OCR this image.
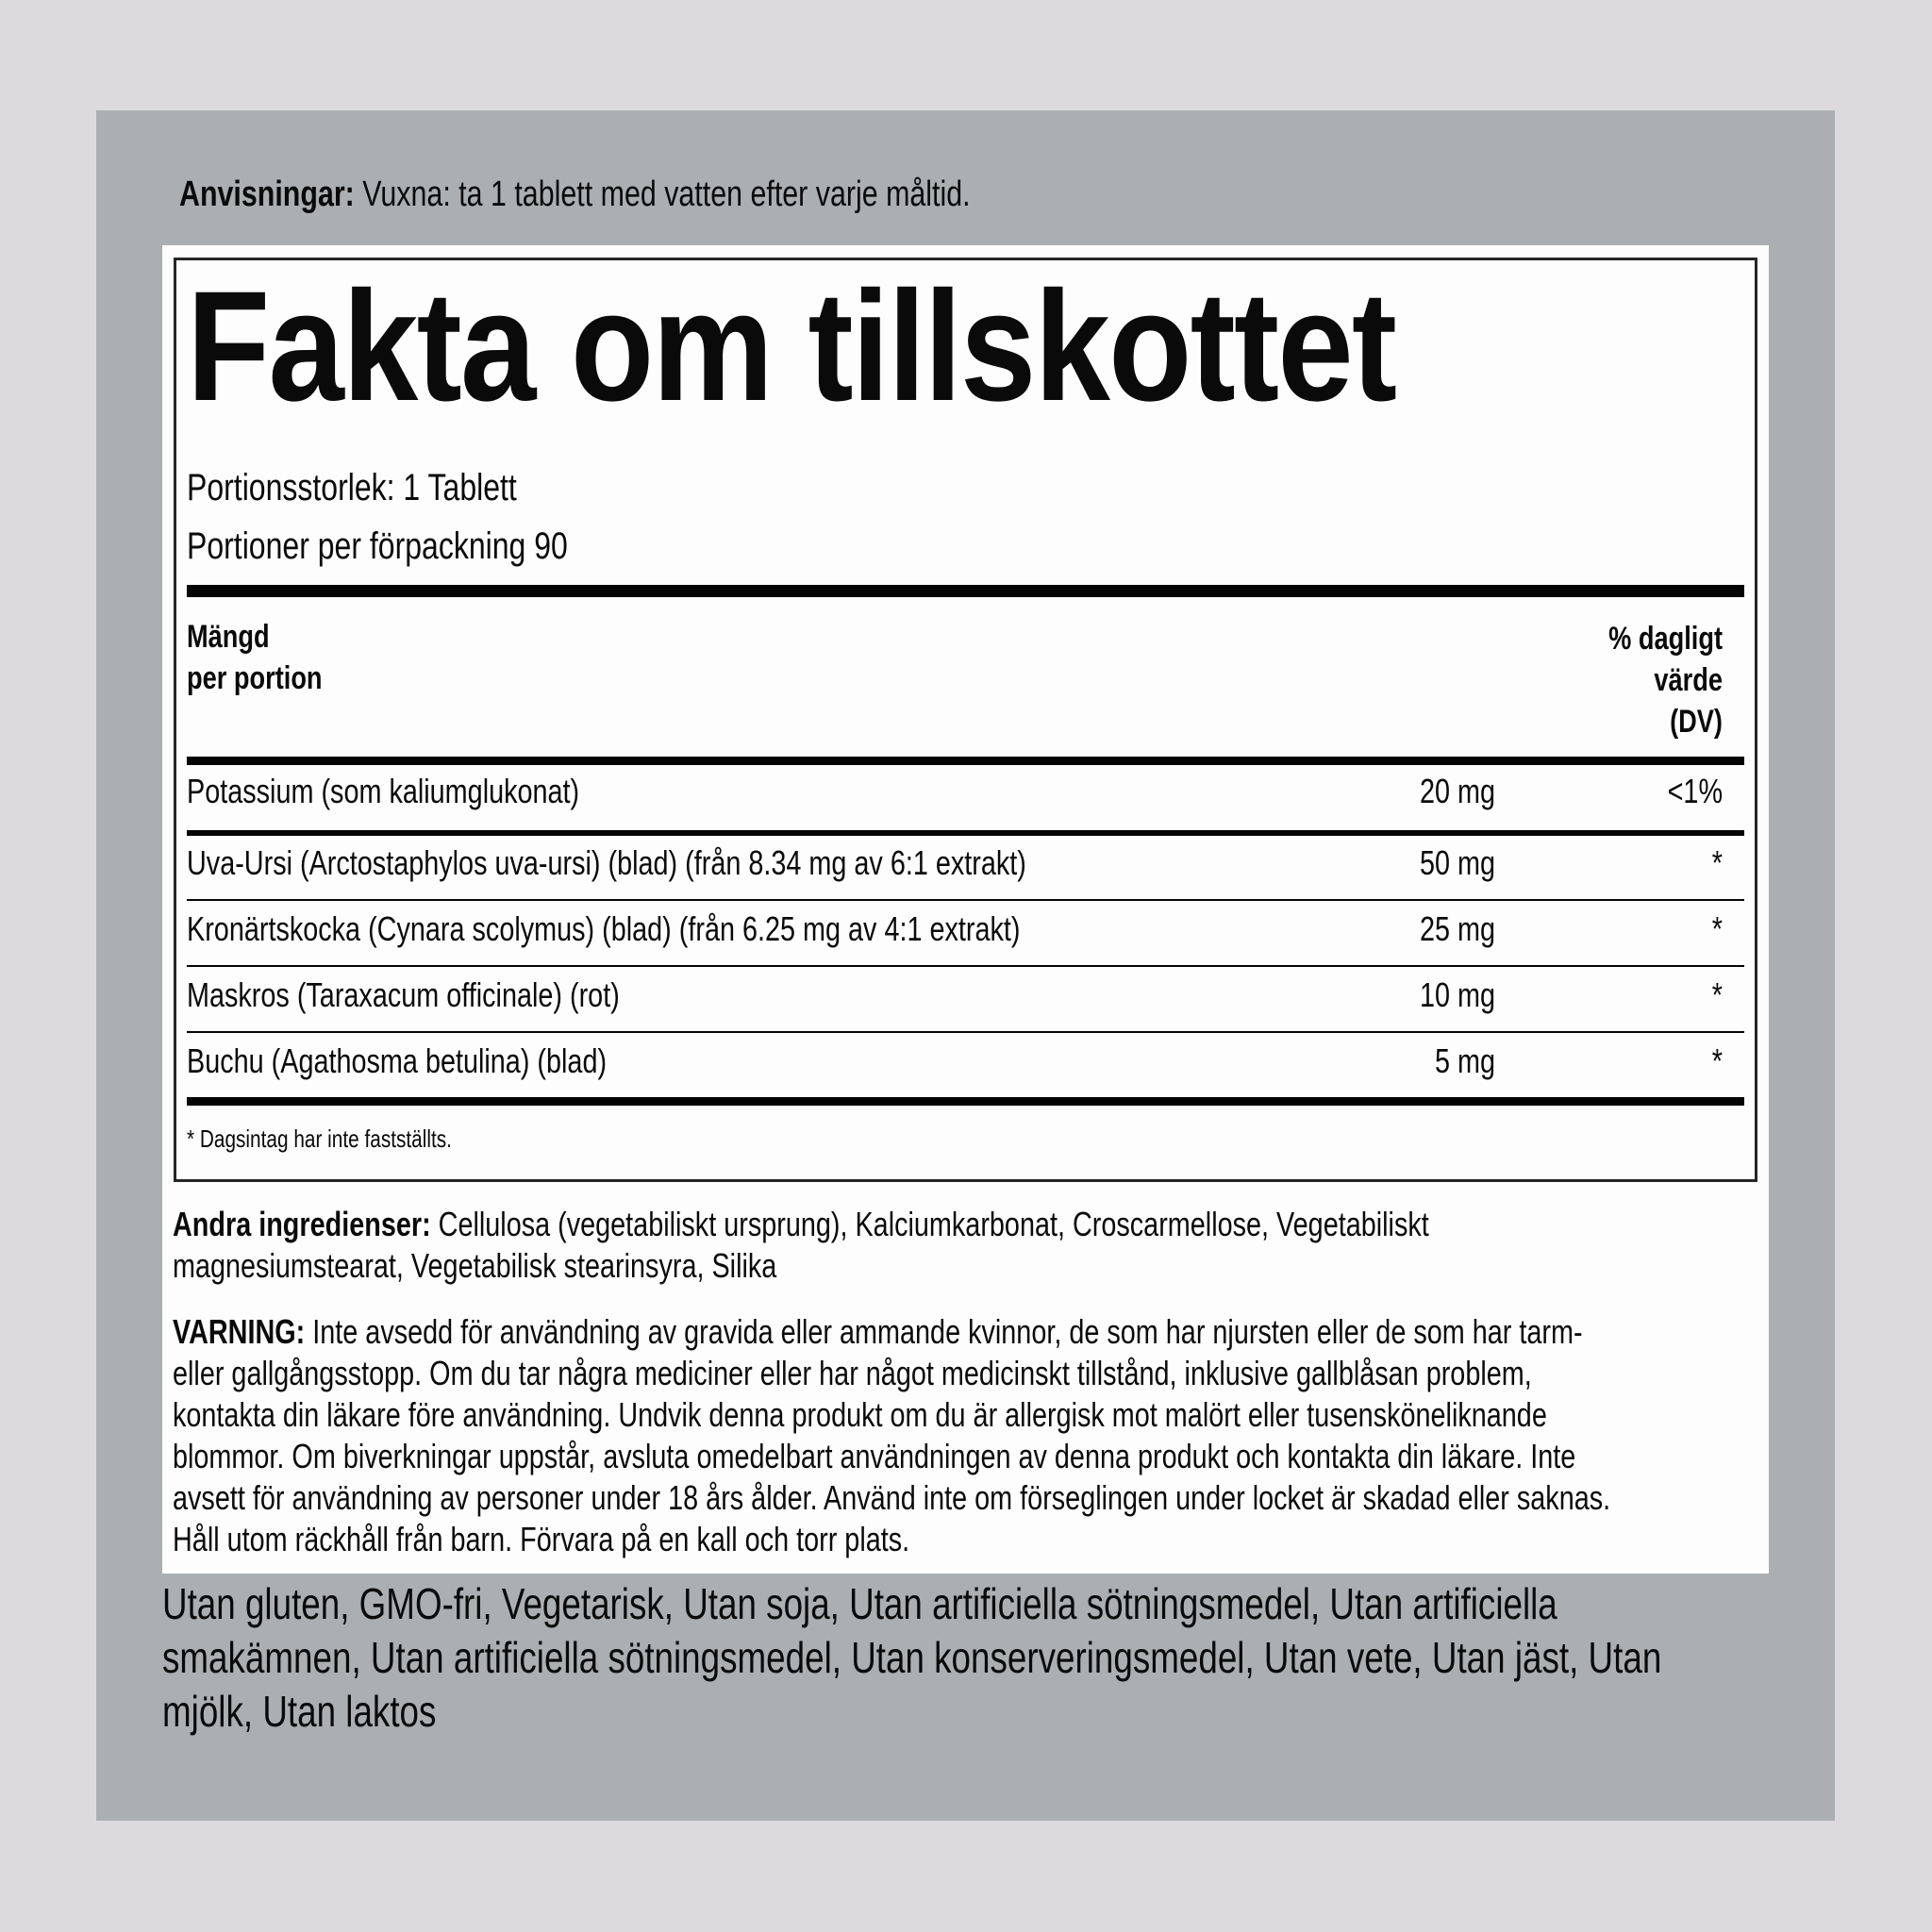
Anvisningar: Vuxna: ta 1 tablett med vatten efter varje måltid.
Fakta om tillskottet
Portionsstorlek: 1 Tablett
Portioner per förpackning 90
Mängd
per portion
% dagligt
värde
(DV)
Potassium (som kaliumglukonat)	20 mg	<1%
Uva-Ursi (Arctostaphylos uva-ursi) (blad) (från 8.34 mg av 6:1 extrakt)	50 mg	*
Kronärtskocka (Cynara scolymus) (blad) (från 6.25 mg av 4:1 extrakt)	25 mg	*
Maskros (Taraxacum officinale) (rot)	10 mg	*
Buchu (Agathosma betulina) (blad)	5 mg	*
* Dagsintag har inte fastställts.
Andra ingredienser: Cellulosa (vegetabiliskt ursprung), Kalciumkarbonat, Croscarmellose, Vegetabiliskt
magnesiumstearat, Vegetabilisk stearinsyra, Silika
VARNING: Inte avsedd för användning av gravida eller ammande kvinnor, de som har njursten eller de som har tarm-
eller gallgångsstopp. Om du tar några mediciner eller har något medicinskt tillstånd, inklusive gallblåsan problem,
kontakta din läkare före användning. Undvik denna produkt om du är allergisk mot malört eller tusensköneliknande
blommor. Om biverkningar uppstår, avsluta omedelbart användningen av denna produkt och kontakta din läkare. Inte
avsett för användning av personer under 18 års ålder. Använd inte om förseglingen under locket är skadad eller saknas.
Håll utom räckhåll från barn. Förvara på en kall och torr plats.
Utan gluten, GMO-fri, Vegetarisk, Utan soja, Utan artificiella sötningsmedel, Utan artificiella
smakämnen, Utan artificiella sötningsmedel, Utan konserveringsmedel, Utan vete, Utan jäst, Utan
mjölk, Utan laktos
